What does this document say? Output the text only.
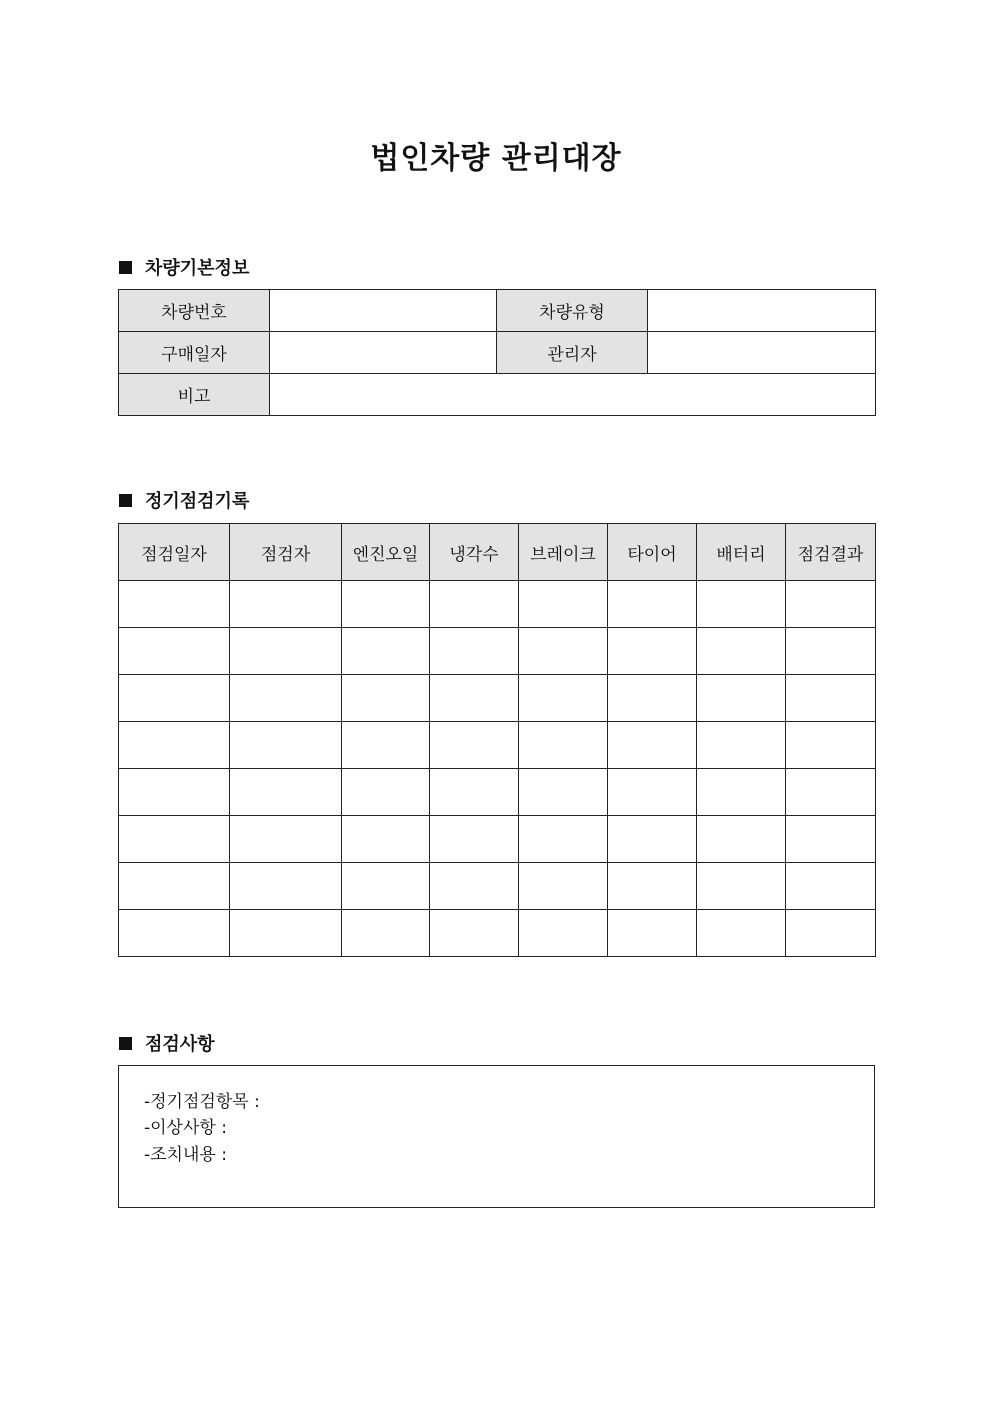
법인차량 관리대장
차량기본정보
차량번호		차량유형	
구매일자		관리자	
비고			
정기점검기록
점검일자	점검자	엔진오일	냉각수	브레이크	타이어	배터리	점검결과

점검사항
-정기점검항목 :
-이상사항 :
-조치내용 :
